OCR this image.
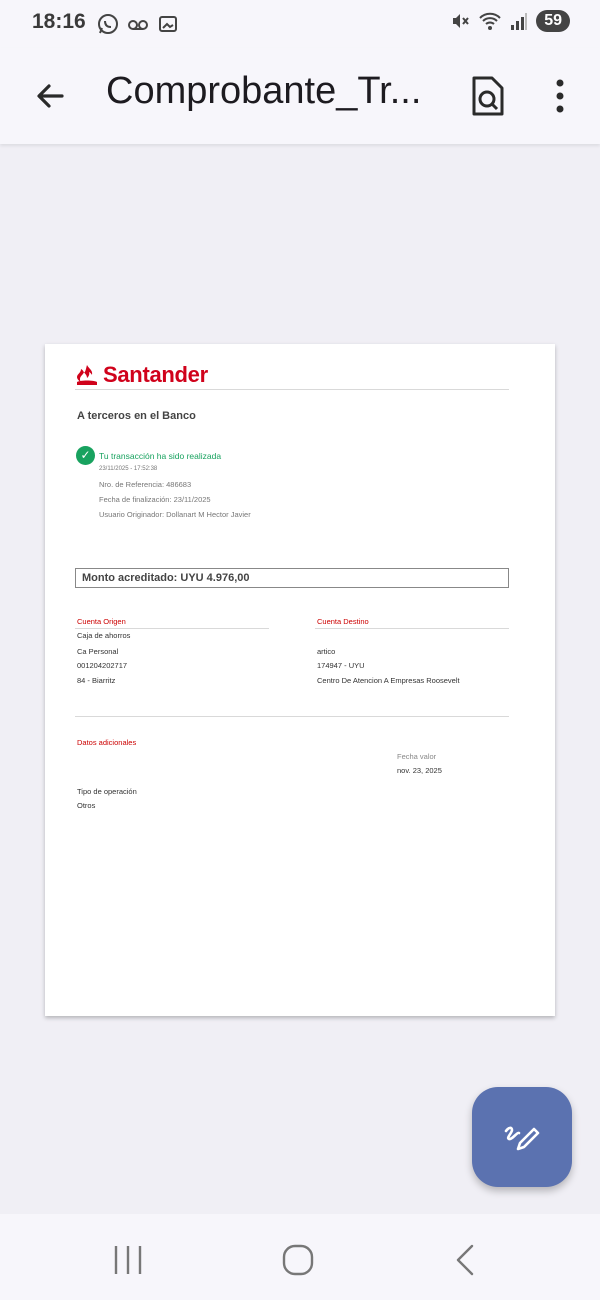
18:16	59
Comprobante_Tr...
Santander
A terceros en el Banco
✓ Tu transacción ha sido realizada
23/11/2025 - 17:52:38
Nro. de Referencia: 486683
Fecha de finalización: 23/11/2025
Usuario Originador: Dollanart M Hector Javier
Monto acreditado: UYU 4.976,00
Cuenta Origen
Caja de ahorros
Ca Personal
001204202717
84 - Biarritz
Cuenta Destino
artico
174947 - UYU
Centro De Atencion A Empresas Roosevelt
Datos adicionales
Fecha valor
nov. 23, 2025
Tipo de operación
Otros
